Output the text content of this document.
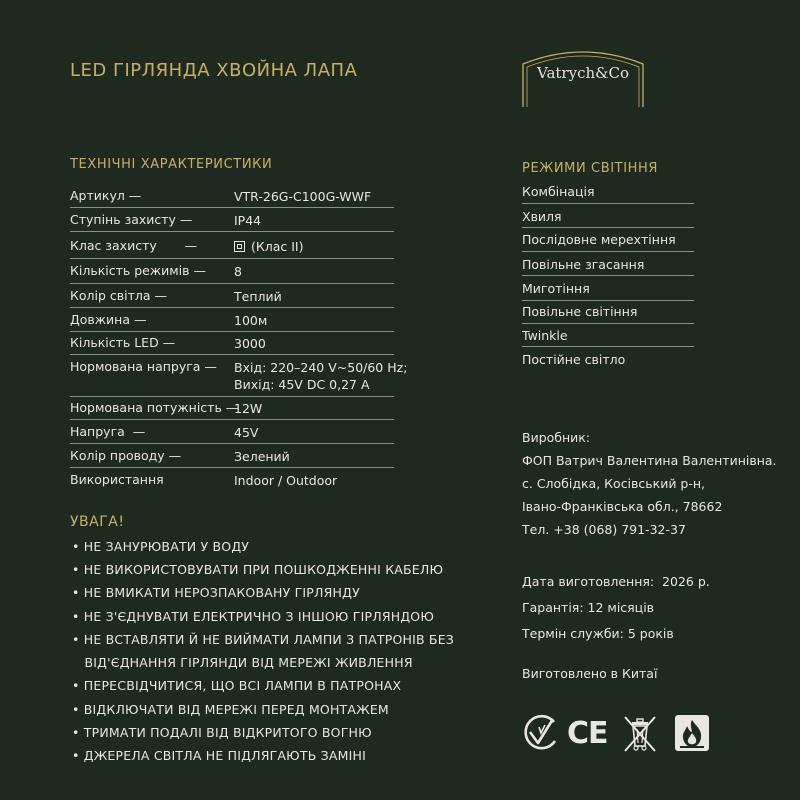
LED ГІРЛЯНДА ХВОЙНА ЛАПА	Vatrych&Co
ТЕХНІЧНІ ХАРАКТЕРИСТИКИ
Артикул —	VTR-26G-C100G-WWF
Ступінь захисту —	IP44
Клас захисту       —	(Клас II)
Кількість режимів — 8
Колір світла —	Теплий
Довжина —	100м
Кількість LED —	3000
Нормована напруга — Вхід: 220–240 V~50/60 Hz;
Вихід: 45V DC 0,27 A
Нормована потужність —
12W
Напруга  —	45V
Колір проводу —	Зелений
Використання	Indoor / Outdoor
РЕЖИМИ СВІТІННЯ
Комбінація
Хвиля
Послідовне мерехтіння
Повільне згасання
Миготіння
Повільне світіння
Twinkle
Постійне світло
УВАГА!
• НЕ ЗАНУРЮВАТИ У ВОДУ
• НЕ ВИКОРИСТОВУВАТИ ПРИ ПОШКОДЖЕННІ КАБЕЛЮ
• НЕ ВМИКАТИ НЕРОЗПАКОВАНУ ГІРЛЯНДУ
• НЕ З'ЄДНУВАТИ ЕЛЕКТРИЧНО З ІНШОЮ ГІРЛЯНДОЮ
• НЕ ВСТАВЛЯТИ Й НЕ ВИЙМАТИ ЛАМПИ З ПАТРОНІВ БЕЗ
ВІД'ЄДНАННЯ ГІРЛЯНДИ ВІД МЕРЕЖІ ЖИВЛЕННЯ
• ПЕРЕСВІДЧИТИСЯ, ЩО ВСІ ЛАМПИ В ПАТРОНАХ
• ВІДКЛЮЧАТИ ВІД МЕРЕЖІ ПЕРЕД МОНТАЖЕМ
• ТРИМАТИ ПОДАЛІ ВІД ВІДКРИТОГО ВОГНЮ
• ДЖЕРЕЛА СВІТЛА НЕ ПІДЛЯГАЮТЬ ЗАМІНІ
Виробник:
ФОП Ватрич Валентина Валентинівна.
с. Слобідка, Косівський р-н,
Івано-Франківська обл., 78662
Тел. +38 (068) 791-32-37
Дата виготовлення:  2026 р.
Гарантія: 12 місяців
Термін служби: 5 років
Виготовлено в Китаї
CE
